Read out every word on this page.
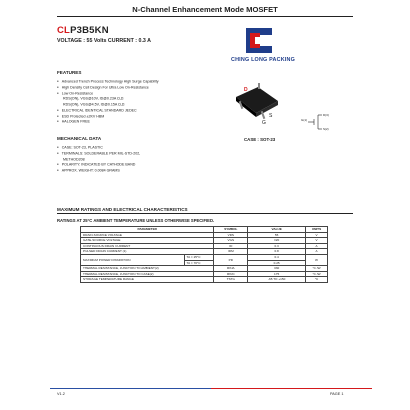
N-Channel Enhancement Mode MOSFET
CLP3B5KN
VOLTAGE : 55 Volts CURRENT : 0.3 A
CHING LONG PACKING
FEATURES
● Advanced Trench Process Technology High Surge Capability
● High Density Cell Design For Ultra Low On-Resistance
● Low On-Resistance
RDS(ON), VGS@10V, ID@0.23A Ω,Ω
RDS(ON), VGS@4.5V, ID@0.15A Ω,Ω
● ELECTRICAL IDENTICAL STANDARD JEDEC
● ESD Protected ±2KV HBM
● HALOGEN FREE
MECHANICAL DATA
● CASE: SOT-23, PLASTIC
● TERMINALS: SOLDERABLE PER MIL-STD-202,
METHOD208
● POLARITY: INDICATED BY CATHODE BAND
● APPROX. WEIGHT: 0.0084 GRAMS
D
G
S
G(1)
D(3)
S(2)
CASE : SOT-23
MAXIMUM RATINGS AND ELECTRICAL CHARACTERISTICS
RATINGS AT 25°C AMBIENT TEMPERATURE UNLESS OTHERWISE SPECIFIED.
PARAMETER		SYMBOL	VALUE	UNITS
DRAIN-SOURCE VOLTAGE		VDS	55	V
GATE-SOURCE VOLTAGE		VGS	±20	V
CONTINUOUS DRAIN CURRENT		ID	0.3	A
PULSED DRAIN CURRENT (1)		IDM	0.8	A
MAXIMUM POWER DISSIPATION	TA = 25°C	PD	0.4	W
	TA = 70°C		0.25	
THERMAL RESISTANCE, JUNCTION TO AMBIENT(2)		RθJA	330	°C /W
THERMAL RESISTANCE, JUNCTION TO CASE(2)		RθJC	175	°C /W
STORAGE TEMPERATURE RANGE		TSTG	-65 TO +150	°C
V1.2	PAGE 1
